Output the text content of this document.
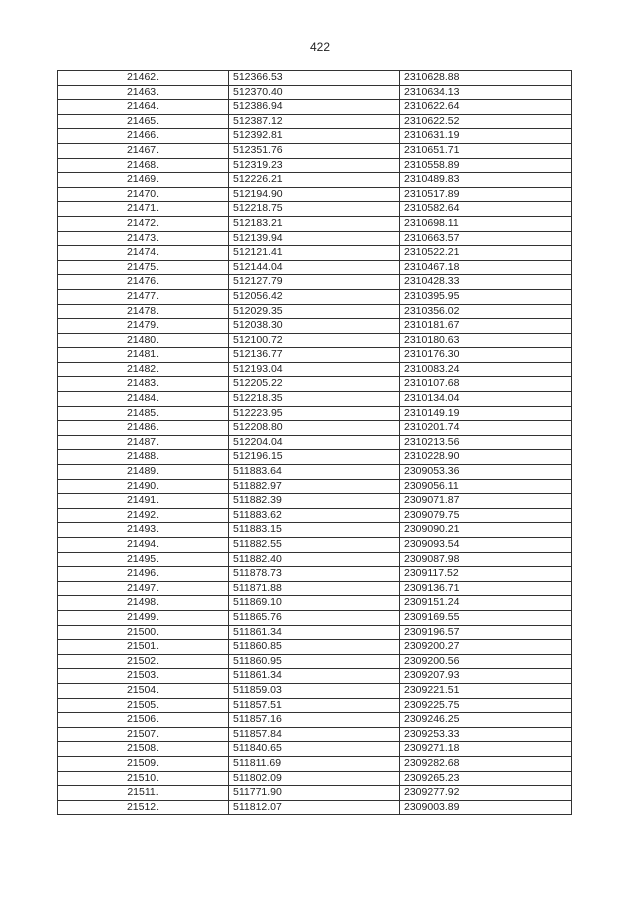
422
21462.	512366.53	2310628.88
21463.	512370.40	2310634.13
21464.	512386.94	2310622.64
21465.	512387.12	2310622.52
21466.	512392.81	2310631.19
21467.	512351.76	2310651.71
21468.	512319.23	2310558.89
21469.	512226.21	2310489.83
21470.	512194.90	2310517.89
21471.	512218.75	2310582.64
21472.	512183.21	2310698.11
21473.	512139.94	2310663.57
21474.	512121.41	2310522.21
21475.	512144.04	2310467.18
21476.	512127.79	2310428.33
21477.	512056.42	2310395.95
21478.	512029.35	2310356.02
21479.	512038.30	2310181.67
21480.	512100.72	2310180.63
21481.	512136.77	2310176.30
21482.	512193.04	2310083.24
21483.	512205.22	2310107.68
21484.	512218.35	2310134.04
21485.	512223.95	2310149.19
21486.	512208.80	2310201.74
21487.	512204.04	2310213.56
21488.	512196.15	2310228.90
21489.	511883.64	2309053.36
21490.	511882.97	2309056.11
21491.	511882.39	2309071.87
21492.	511883.62	2309079.75
21493.	511883.15	2309090.21
21494.	511882.55	2309093.54
21495.	511882.40	2309087.98
21496.	511878.73	2309117.52
21497.	511871.88	2309136.71
21498.	511869.10	2309151.24
21499.	511865.76	2309169.55
21500.	511861.34	2309196.57
21501.	511860.85	2309200.27
21502.	511860.95	2309200.56
21503.	511861.34	2309207.93
21504.	511859.03	2309221.51
21505.	511857.51	2309225.75
21506.	511857.16	2309246.25
21507.	511857.84	2309253.33
21508.	511840.65	2309271.18
21509.	511811.69	2309282.68
21510.	511802.09	2309265.23
21511.	511771.90	2309277.92
21512.	511812.07	2309003.89
